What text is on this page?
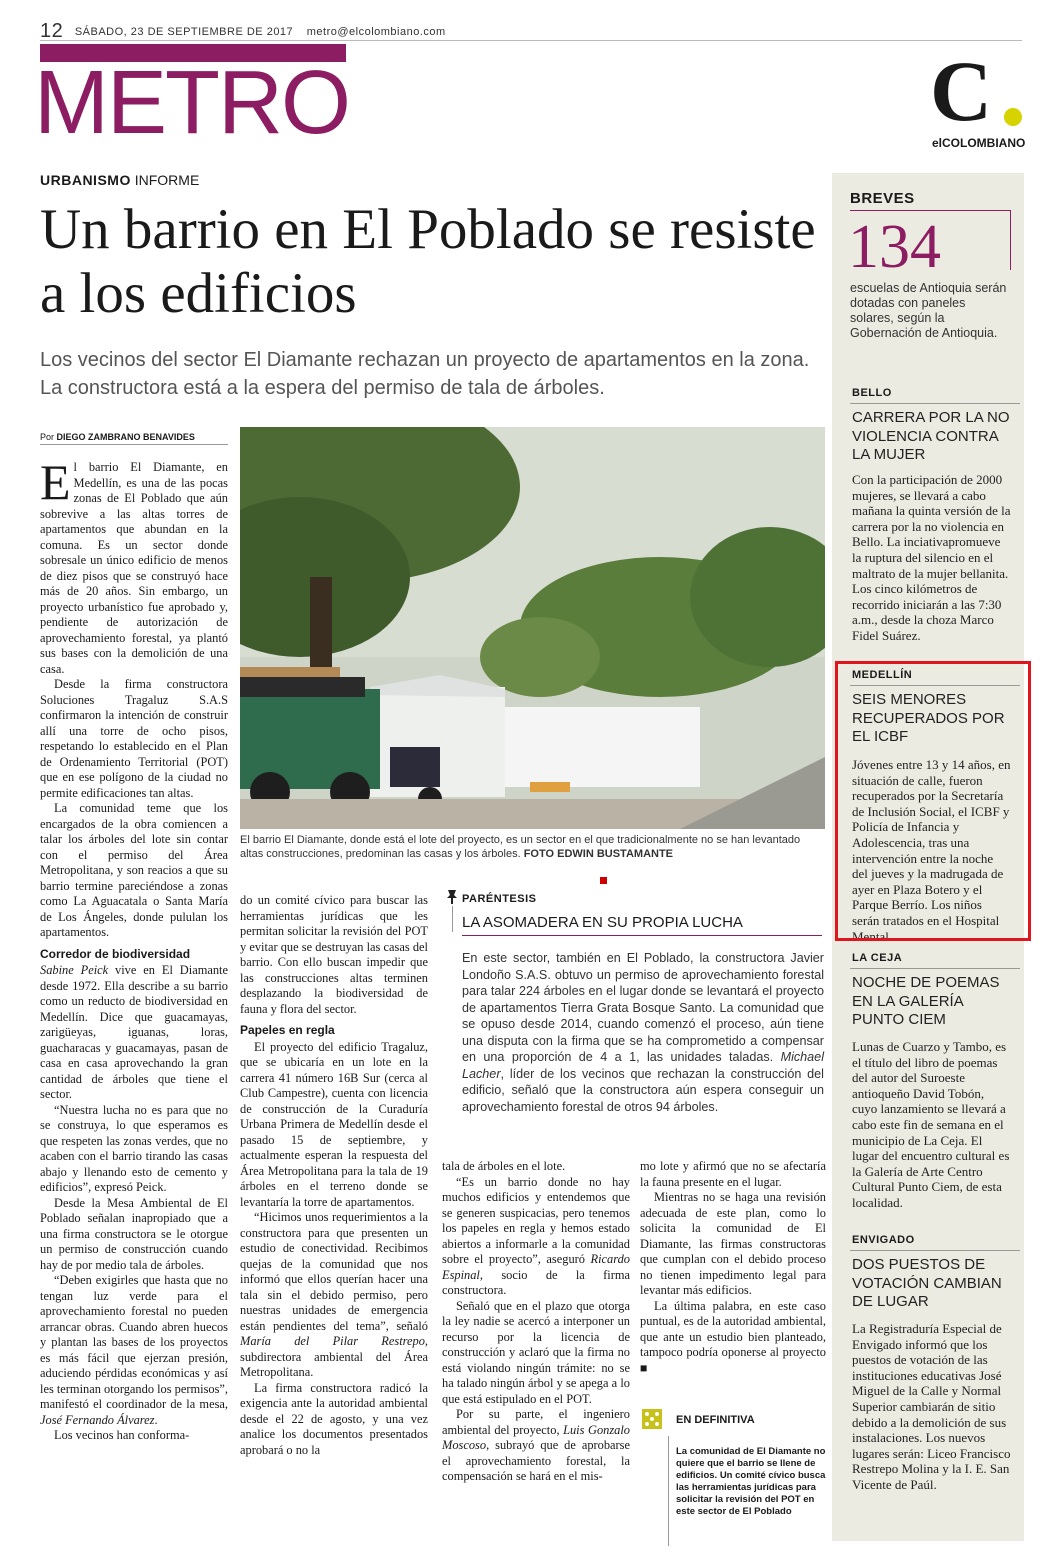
12 SÁBADO, 23 DE SEPTIEMBRE DE 2017 metro@elcolombiano.com
METRO	C
elCOLOMBIANO
URBANISMO INFORME
Un barrio en El Poblado se resiste a los edificios
Los vecinos del sector El Diamante rechazan un proyecto de apartamentos en la zona. La constructora está a la espera del permiso de tala de árboles.
Por DIEGO ZAMBRANO BENAVIDES

El barrio El Diamante, en Medellín, es una de las pocas zonas de El Poblado que aún sobrevive a las altas torres de apartamentos que abundan en la comuna. Es un sector donde sobresale un único edificio de menos de diez pisos que se construyó hace más de 20 años. Sin embargo, un proyecto urbanístico fue aprobado y, pendiente de autorización de aprovechamiento forestal, ya plantó sus bases con la demolición de una casa.

Desde la firma constructora Soluciones Tragaluz S.A.S confirmaron la intención de construir allí una torre de ocho pisos, respetando lo establecido en el Plan de Ordenamiento Territorial (POT) que en ese polígono de la ciudad no permite edificaciones tan altas.

La comunidad teme que los encargados de la obra comiencen a talar los árboles del lote sin contar con el permiso del Área Metropolitana, y son reacios a que su barrio termine pareciéndose a zonas como La Aguacatala o Santa María de Los Ángeles, donde pululan los apartamentos.

Corredor de biodiversidad

Sabine Peick vive en El Diamante desde 1972. Ella describe a su barrio como un reducto de biodiversidad en Medellín. Dice que guacamayas, zarigüeyas, iguanas, loras, guacharacas y guacamayas, pasan de casa en casa aprovechando la gran cantidad de árboles que tiene el sector.

“Nuestra lucha no es para que no se construya, lo que esperamos es que respeten las zonas verdes, que no acaben con el barrio tirando las casas abajo y llenando esto de cemento y edificios”, expresó Peick.

Desde la Mesa Ambiental de El Poblado señalan inapropiado que a una firma constructora se le otorgue un permiso de construcción cuando hay de por medio tala de árboles.

“Deben exigirles que hasta que no tengan luz verde para el aprovechamiento forestal no pueden arrancar obras. Cuando abren huecos y plantan las bases de los proyectos es más fácil que ejerzan presión, aduciendo pérdidas económicas y así les terminan otorgando los permisos”, manifestó el coordinador de la mesa, José Fernando Álvarez.

Los vecinos han conforma-

El barrio El Diamante, donde está el lote del proyecto, es un sector en el que tradicionalmente no se han levantado altas construcciones, predominan las casas y los árboles. FOTO EDWIN BUSTAMANTE

do un comité cívico para buscar las herramientas jurídicas que les permitan solicitar la revisión del POT y evitar que se destruyan las casas del barrio. Con ello buscan impedir que las construcciones altas terminen desplazando la biodiversidad de fauna y flora del sector.

Papeles en regla

El proyecto del edificio Tragaluz, que se ubicaría en un lote en la carrera 41 número 16B Sur (cerca al Club Campestre), cuenta con licencia de construcción de la Curaduría Urbana Primera de Medellín desde el pasado 15 de septiembre, y actualmente esperan la respuesta del Área Metropolitana para la tala de 19 árboles en el terreno donde se levantaría la torre de apartamentos.

“Hicimos unos requerimientos a la constructora para que presenten un estudio de conectividad. Recibimos quejas de la comunidad que nos informó que ellos querían hacer una tala sin el debido permiso, pero nuestras unidades de emergencia están pendientes del tema”, señaló María del Pilar Restrepo, subdirectora ambiental del Área Metropolitana.

La firma constructora radicó la exigencia ante la autoridad ambiental desde el 22 de agosto, y una vez analice los documentos presentados aprobará o no la

PARÉNTESIS
LA ASOMADERA EN SU PROPIA LUCHA
En este sector, también en El Poblado, la constructora Javier Londoño S.A.S. obtuvo un permiso de aprovechamiento forestal para talar 224 árboles en el lugar donde se levantará el proyecto de apartamentos Tierra Grata Bosque Santo. La comunidad que se opuso desde 2014, cuando comenzó el proceso, aún tiene una disputa con la firma que se ha comprometido a compensar en una proporción de 4 a 1, las unidades taladas. Michael Lacher, líder de los vecinos que rechazan la construcción del edificio, señaló que la constructora aún espera conseguir un aprovechamiento forestal de otros 94 árboles.

tala de árboles en el lote.

“Es un barrio donde no hay muchos edificios y entendemos que se generen suspicacias, pero tenemos los papeles en regla y hemos estado abiertos a informarle a la comunidad sobre el proyecto”, aseguró Ricardo Espinal, socio de la firma constructora.

Señaló que en el plazo que otorga la ley nadie se acercó a interponer un recurso por la licencia de construcción y aclaró que la firma no está violando ningún trámite: no se ha talado ningún árbol y se apega a lo que está estipulado en el POT.

Por su parte, el ingeniero ambiental del proyecto, Luis Gonzalo Moscoso, subrayó que de aprobarse el aprovechamiento forestal, la compensación se hará en el mis-

mo lote y afirmó que no se afectaría la fauna presente en el lugar.

Mientras no se haga una revisión adecuada de este plan, como lo solicita la comunidad de El Diamante, las firmas constructoras que cumplan con el debido proceso no tienen impedimento legal para levantar más edificios.

La última palabra, en este caso puntual, es de la autoridad ambiental, que ante un estudio bien planteado, tampoco podría oponerse al proyecto ■

EN DEFINITIVA
La comunidad de El Diamante no quiere que el barrio se llene de edificios. Un comité cívico busca las herramientas jurídicas para solicitar la revisión del POT en este sector de El Poblado
BREVES
134
escuelas de Antioquia serán dotadas con paneles solares, según la Gobernación de Antioquia.
BELLO
CARRERA POR LA NO VIOLENCIA CONTRA LA MUJER
Con la participación de 2000 mujeres, se llevará a cabo mañana la quinta versión de la carrera por la no violencia en Bello. La inciativapromueve la ruptura del silencio en el maltrato de la mujer bellanita. Los cinco kilómetros de recorrido iniciarán a las 7:30 a.m., desde la choza Marco Fidel Suárez.
MEDELLÍN
SEIS MENORES RECUPERADOS POR EL ICBF
Jóvenes entre 13 y 14 años, en situación de calle, fueron recuperados por la Secretaría de Inclusión Social, el ICBF y Policía de Infancia y Adolescencia, tras una intervención entre la noche del jueves y la madrugada de ayer en Plaza Botero y el Parque Berrío. Los niños serán tratados en el Hospital Mental.
LA CEJA
NOCHE DE POEMAS EN LA GALERÍA PUNTO CIEM
Lunas de Cuarzo y Tambo, es el título del libro de poemas del autor del Suroeste antioqueño David Tobón, cuyo lanzamiento se llevará a cabo este fin de semana en el municipio de La Ceja. El lugar del encuentro cultural es la Galería de Arte Centro Cultural Punto Ciem, de esta localidad.
ENVIGADO
DOS PUESTOS DE VOTACIÓN CAMBIAN DE LUGAR
La Registraduría Especial de Envigado informó que los puestos de votación de las instituciones educativas José Miguel de la Calle y Normal Superior cambiarán de sitio debido a la demolición de sus instalaciones. Los nuevos lugares serán: Liceo Francisco Restrepo Molina y la I. E. San Vicente de Paúl.
